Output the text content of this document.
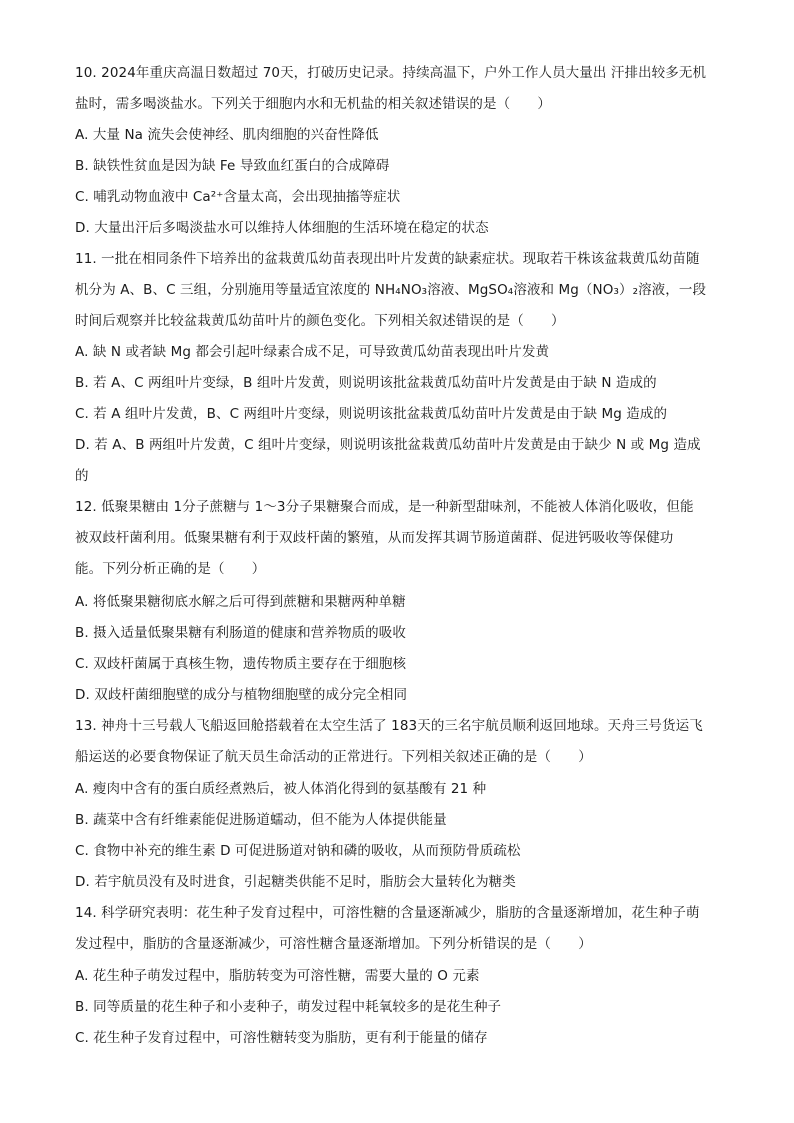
10. 2024年重庆高温日数超过 70天，打破历史记录。持续高温下，户外工作人员大量出 汗排出较多无机
盐时，需多喝淡盐水。下列关于细胞内水和无机盐的相关叙述错误的是（　　）
A. 大量 Na 流失会使神经、肌肉细胞的兴奋性降低
B. 缺铁性贫血是因为缺 Fe 导致血红蛋白的合成障碍
C. 哺乳动物血液中 Ca²⁺含量太高，会出现抽搐等症状
D. 大量出汗后多喝淡盐水可以维持人体细胞的生活环境在稳定的状态
11. 一批在相同条件下培养出的盆栽黄瓜幼苗表现出叶片发黄的缺素症状。现取若干株该盆栽黄瓜幼苗随
机分为 A、B、C 三组，分别施用等量适宜浓度的 NH₄NO₃溶液、MgSO₄溶液和 Mg（NO₃）₂溶液，一段
时间后观察并比较盆栽黄瓜幼苗叶片的颜色变化。下列相关叙述错误的是（　　）
A. 缺 N 或者缺 Mg 都会引起叶绿素合成不足，可导致黄瓜幼苗表现出叶片发黄
B. 若 A、C 两组叶片变绿，B 组叶片发黄，则说明该批盆栽黄瓜幼苗叶片发黄是由于缺 N 造成的
C. 若 A 组叶片发黄，B、C 两组叶片变绿，则说明该批盆栽黄瓜幼苗叶片发黄是由于缺 Mg 造成的
D. 若 A、B 两组叶片发黄，C 组叶片变绿，则说明该批盆栽黄瓜幼苗叶片发黄是由于缺少 N 或 Mg 造成
的
12. 低聚果糖由 1分子蔗糖与 1～3分子果糖聚合而成，是一种新型甜味剂，不能被人体消化吸收，但能
被双歧杆菌利用。低聚果糖有利于双歧杆菌的繁殖，从而发挥其调节肠道菌群、促进钙吸收等保健功
能。下列分析正确的是（　　）
A. 将低聚果糖彻底水解之后可得到蔗糖和果糖两种单糖
B. 摄入适量低聚果糖有利肠道的健康和营养物质的吸收
C. 双歧杆菌属于真核生物，遗传物质主要存在于细胞核
D. 双歧杆菌细胞壁的成分与植物细胞壁的成分完全相同
13. 神舟十三号载人飞船返回舱搭载着在太空生活了 183天的三名宇航员顺利返回地球。天舟三号货运飞
船运送的必要食物保证了航天员生命活动的正常进行。下列相关叙述正确的是（　　）
A. 瘦肉中含有的蛋白质经煮熟后，被人体消化得到的氨基酸有 21 种
B. 蔬菜中含有纤维素能促进肠道蠕动，但不能为人体提供能量
C. 食物中补充的维生素 D 可促进肠道对钠和磷的吸收，从而预防骨质疏松
D. 若宇航员没有及时进食，引起糖类供能不足时，脂肪会大量转化为糖类
14. 科学研究表明：花生种子发育过程中，可溶性糖的含量逐渐减少，脂肪的含量逐渐增加，花生种子萌
发过程中，脂肪的含量逐渐减少，可溶性糖含量逐渐增加。下列分析错误的是（　　）
A. 花生种子萌发过程中，脂肪转变为可溶性糖，需要大量的 O 元素
B. 同等质量的花生种子和小麦种子，萌发过程中耗氧较多的是花生种子
C. 花生种子发育过程中，可溶性糖转变为脂肪，更有利于能量的储存
